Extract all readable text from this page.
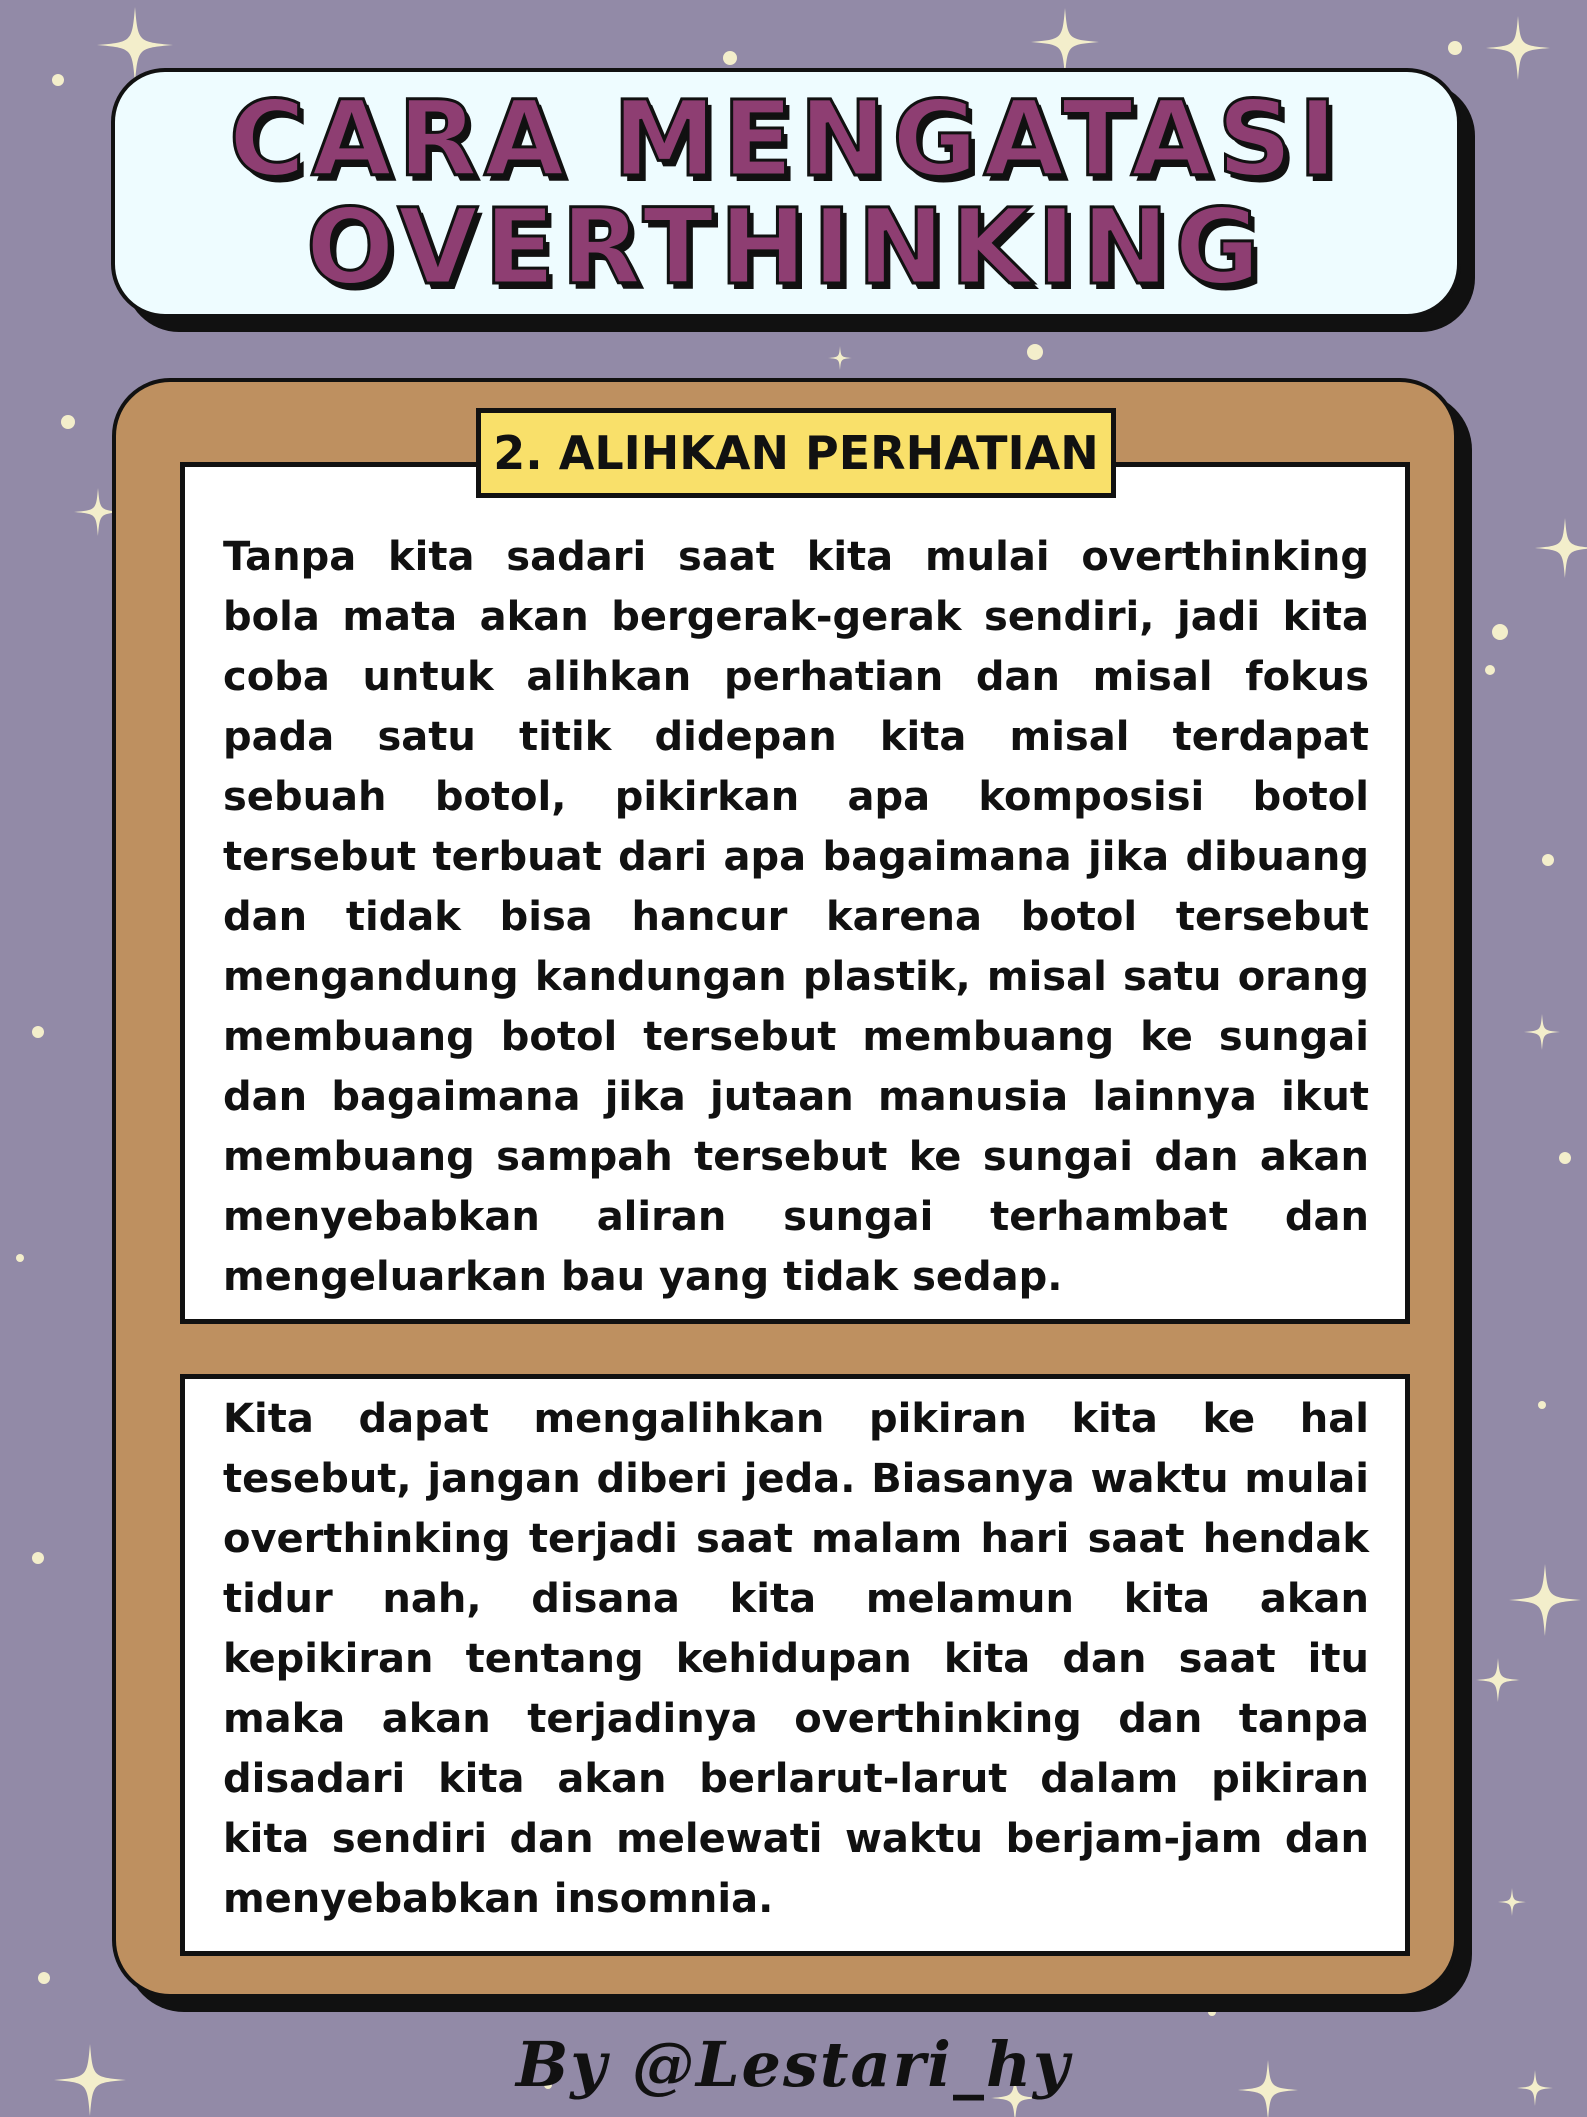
CARA MENGATASI
OVERTHINKING

Tanpa kita sadari saat kita mulai overthinking bola mata akan bergerak-gerak sendiri, jadi kita coba untuk alihkan perhatian dan misal fokus pada satu titik didepan kita misal terdapat sebuah botol, pikirkan apa komposisi botol tersebut terbuat dari apa bagaimana jika dibuang dan tidak bisa hancur karena botol tersebut mengandung kandungan plastik, misal satu orang membuang botol tersebut membuang ke sungai dan bagaimana jika jutaan manusia lainnya ikut membuang sampah tersebut ke sungai dan akan menyebabkan aliran sungai terhambat dan mengeluarkan bau yang tidak sedap.

2. ALIHKAN PERHATIAN

Kita dapat mengalihkan pikiran kita ke hal tesebut, jangan diberi jeda. Biasanya waktu mulai overthinking terjadi saat malam hari saat hendak tidur nah, disana kita melamun kita akan kepikiran tentang kehidupan kita dan saat itu maka akan terjadinya overthinking dan tanpa disadari kita akan berlarut-larut dalam pikiran kita sendiri dan melewati waktu berjam-jam dan menyebabkan insomnia.

By @Lestari_hy
